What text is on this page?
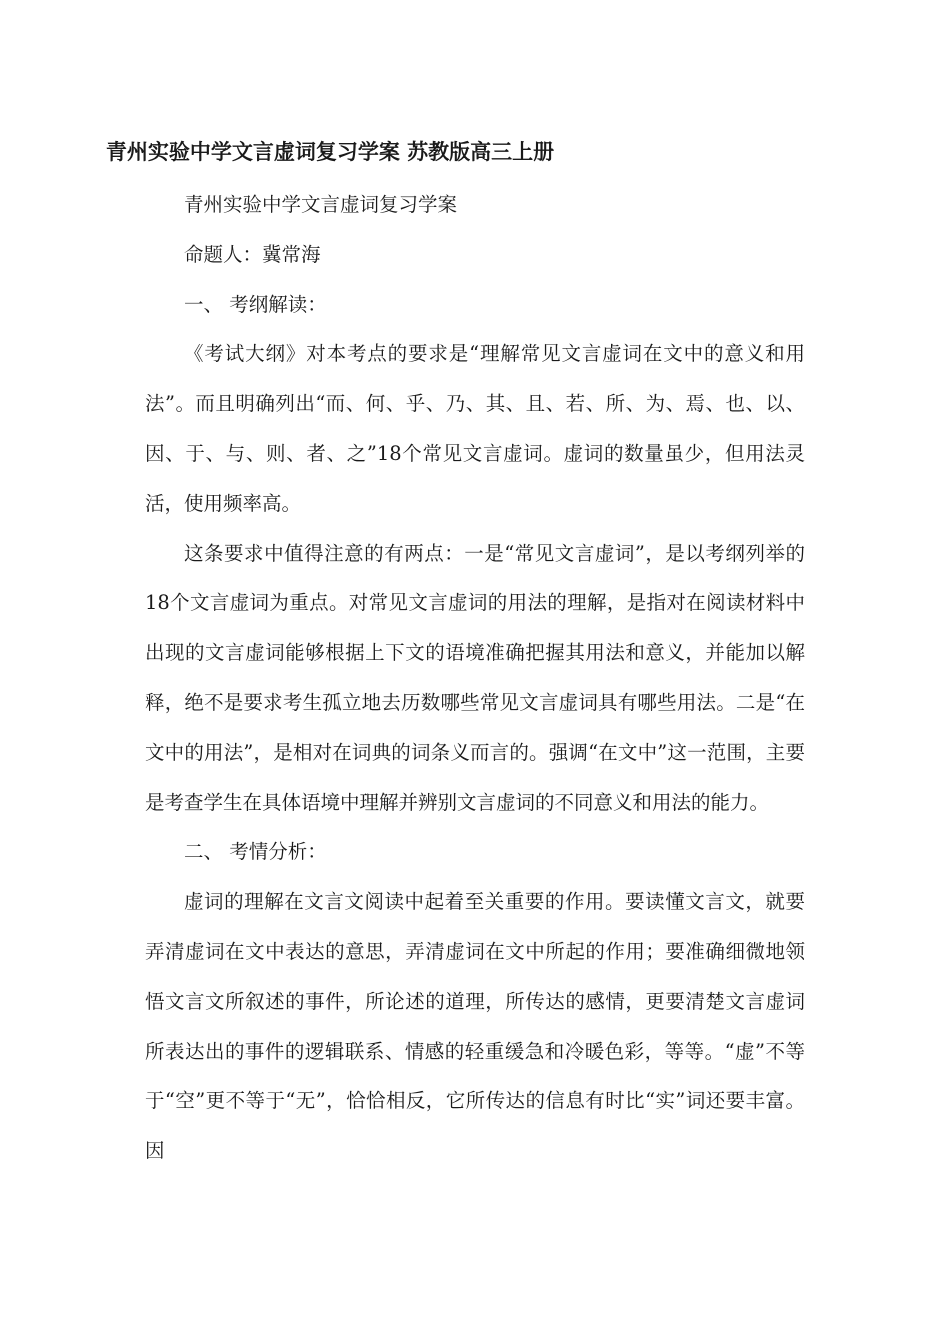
青州实验中学文言虚词复习学案 苏教版高三上册

青州实验中学文言虚词复习学案

命题人：冀常海

一、 考纲解读：

《考试大纲》对本考点的要求是“理解常见文言虚词在文中的意义和用法”。而且明确列出“而、何、乎、乃、其、且、若、所、为、焉、也、以、因、于、与、则、者、之”18个常见文言虚词。虚词的数量虽少，但用法灵活，使用频率高。

这条要求中值得注意的有两点：一是“常见文言虚词”，是以考纲列举的18个文言虚词为重点。对常见文言虚词的用法的理解，是指对在阅读材料中出现的文言虚词能够根据上下文的语境准确把握其用法和意义，并能加以解释，绝不是要求考生孤立地去历数哪些常见文言虚词具有哪些用法。二是“在文中的用法”，是相对在词典的词条义而言的。强调“在文中”这一范围，主要是考查学生在具体语境中理解并辨别文言虚词的不同意义和用法的能力。

二、 考情分析：

虚词的理解在文言文阅读中起着至关重要的作用。要读懂文言文，就要弄清虚词在文中表达的意思，弄清虚词在文中所起的作用；要准确细微地领悟文言文所叙述的事件，所论述的道理，所传达的感情，更要清楚文言虚词所表达出的事件的逻辑联系、情感的轻重缓急和冷暖色彩，等等。“虚”不等于“空”更不等于“无”，恰恰相反，它所传达的信息有时比“实”词还要丰富。因
